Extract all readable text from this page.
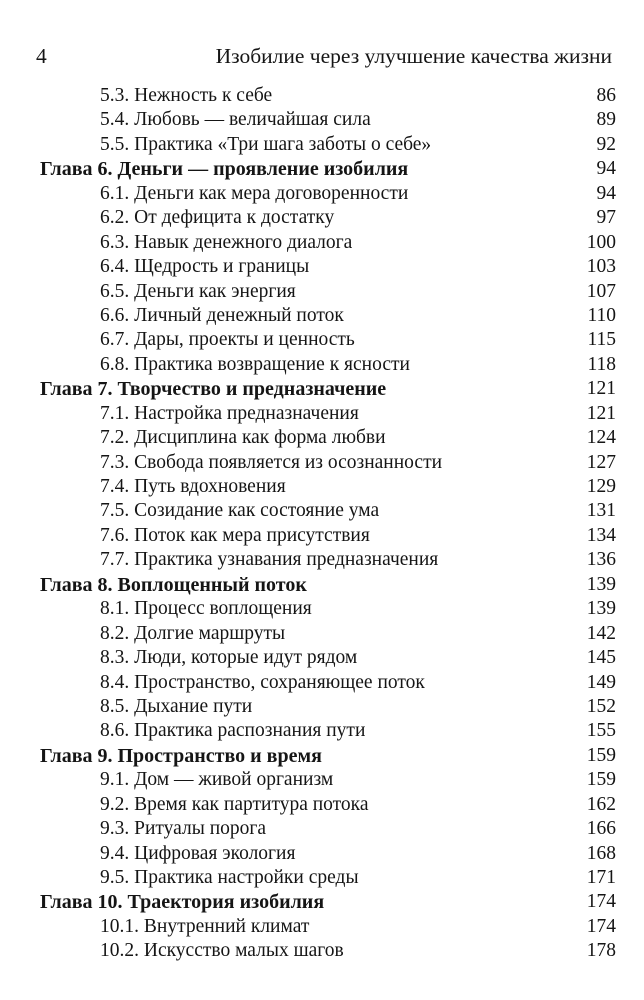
4	Изобилие через улучшение качества жизни
5.3. Нежность к себе	86
5.4. Любовь — величайшая сила	89
5.5. Практика «Три шага заботы о себе»	92
Глава 6. Деньги — проявление изобилия	94
6.1. Деньги как мера договоренности	94
6.2. От дефицита к достатку	97
6.3. Навык денежного диалога	100
6.4. Щедрость и границы	103
6.5. Деньги как энергия	107
6.6. Личный денежный поток	110
6.7. Дары, проекты и ценность	115
6.8. Практика возвращение к ясности	118
Глава 7. Творчество и предназначение	121
7.1. Настройка предназначения	121
7.2. Дисциплина как форма любви	124
7.3. Свобода появляется из осознанности	127
7.4. Путь вдохновения	129
7.5. Созидание как состояние ума	131
7.6. Поток как мера присутствия	134
7.7. Практика узнавания предназначения	136
Глава 8. Воплощенный поток	139
8.1. Процесс воплощения	139
8.2. Долгие маршруты	142
8.3. Люди, которые идут рядом	145
8.4. Пространство, сохраняющее поток	149
8.5. Дыхание пути	152
8.6. Практика распознания пути	155
Глава 9. Пространство и время	159
9.1. Дом — живой организм	159
9.2. Время как партитура потока	162
9.3. Ритуалы порога	166
9.4. Цифровая экология	168
9.5. Практика настройки среды	171
Глава 10. Траектория изобилия	174
10.1. Внутренний климат	174
10.2. Искусство малых шагов	178
